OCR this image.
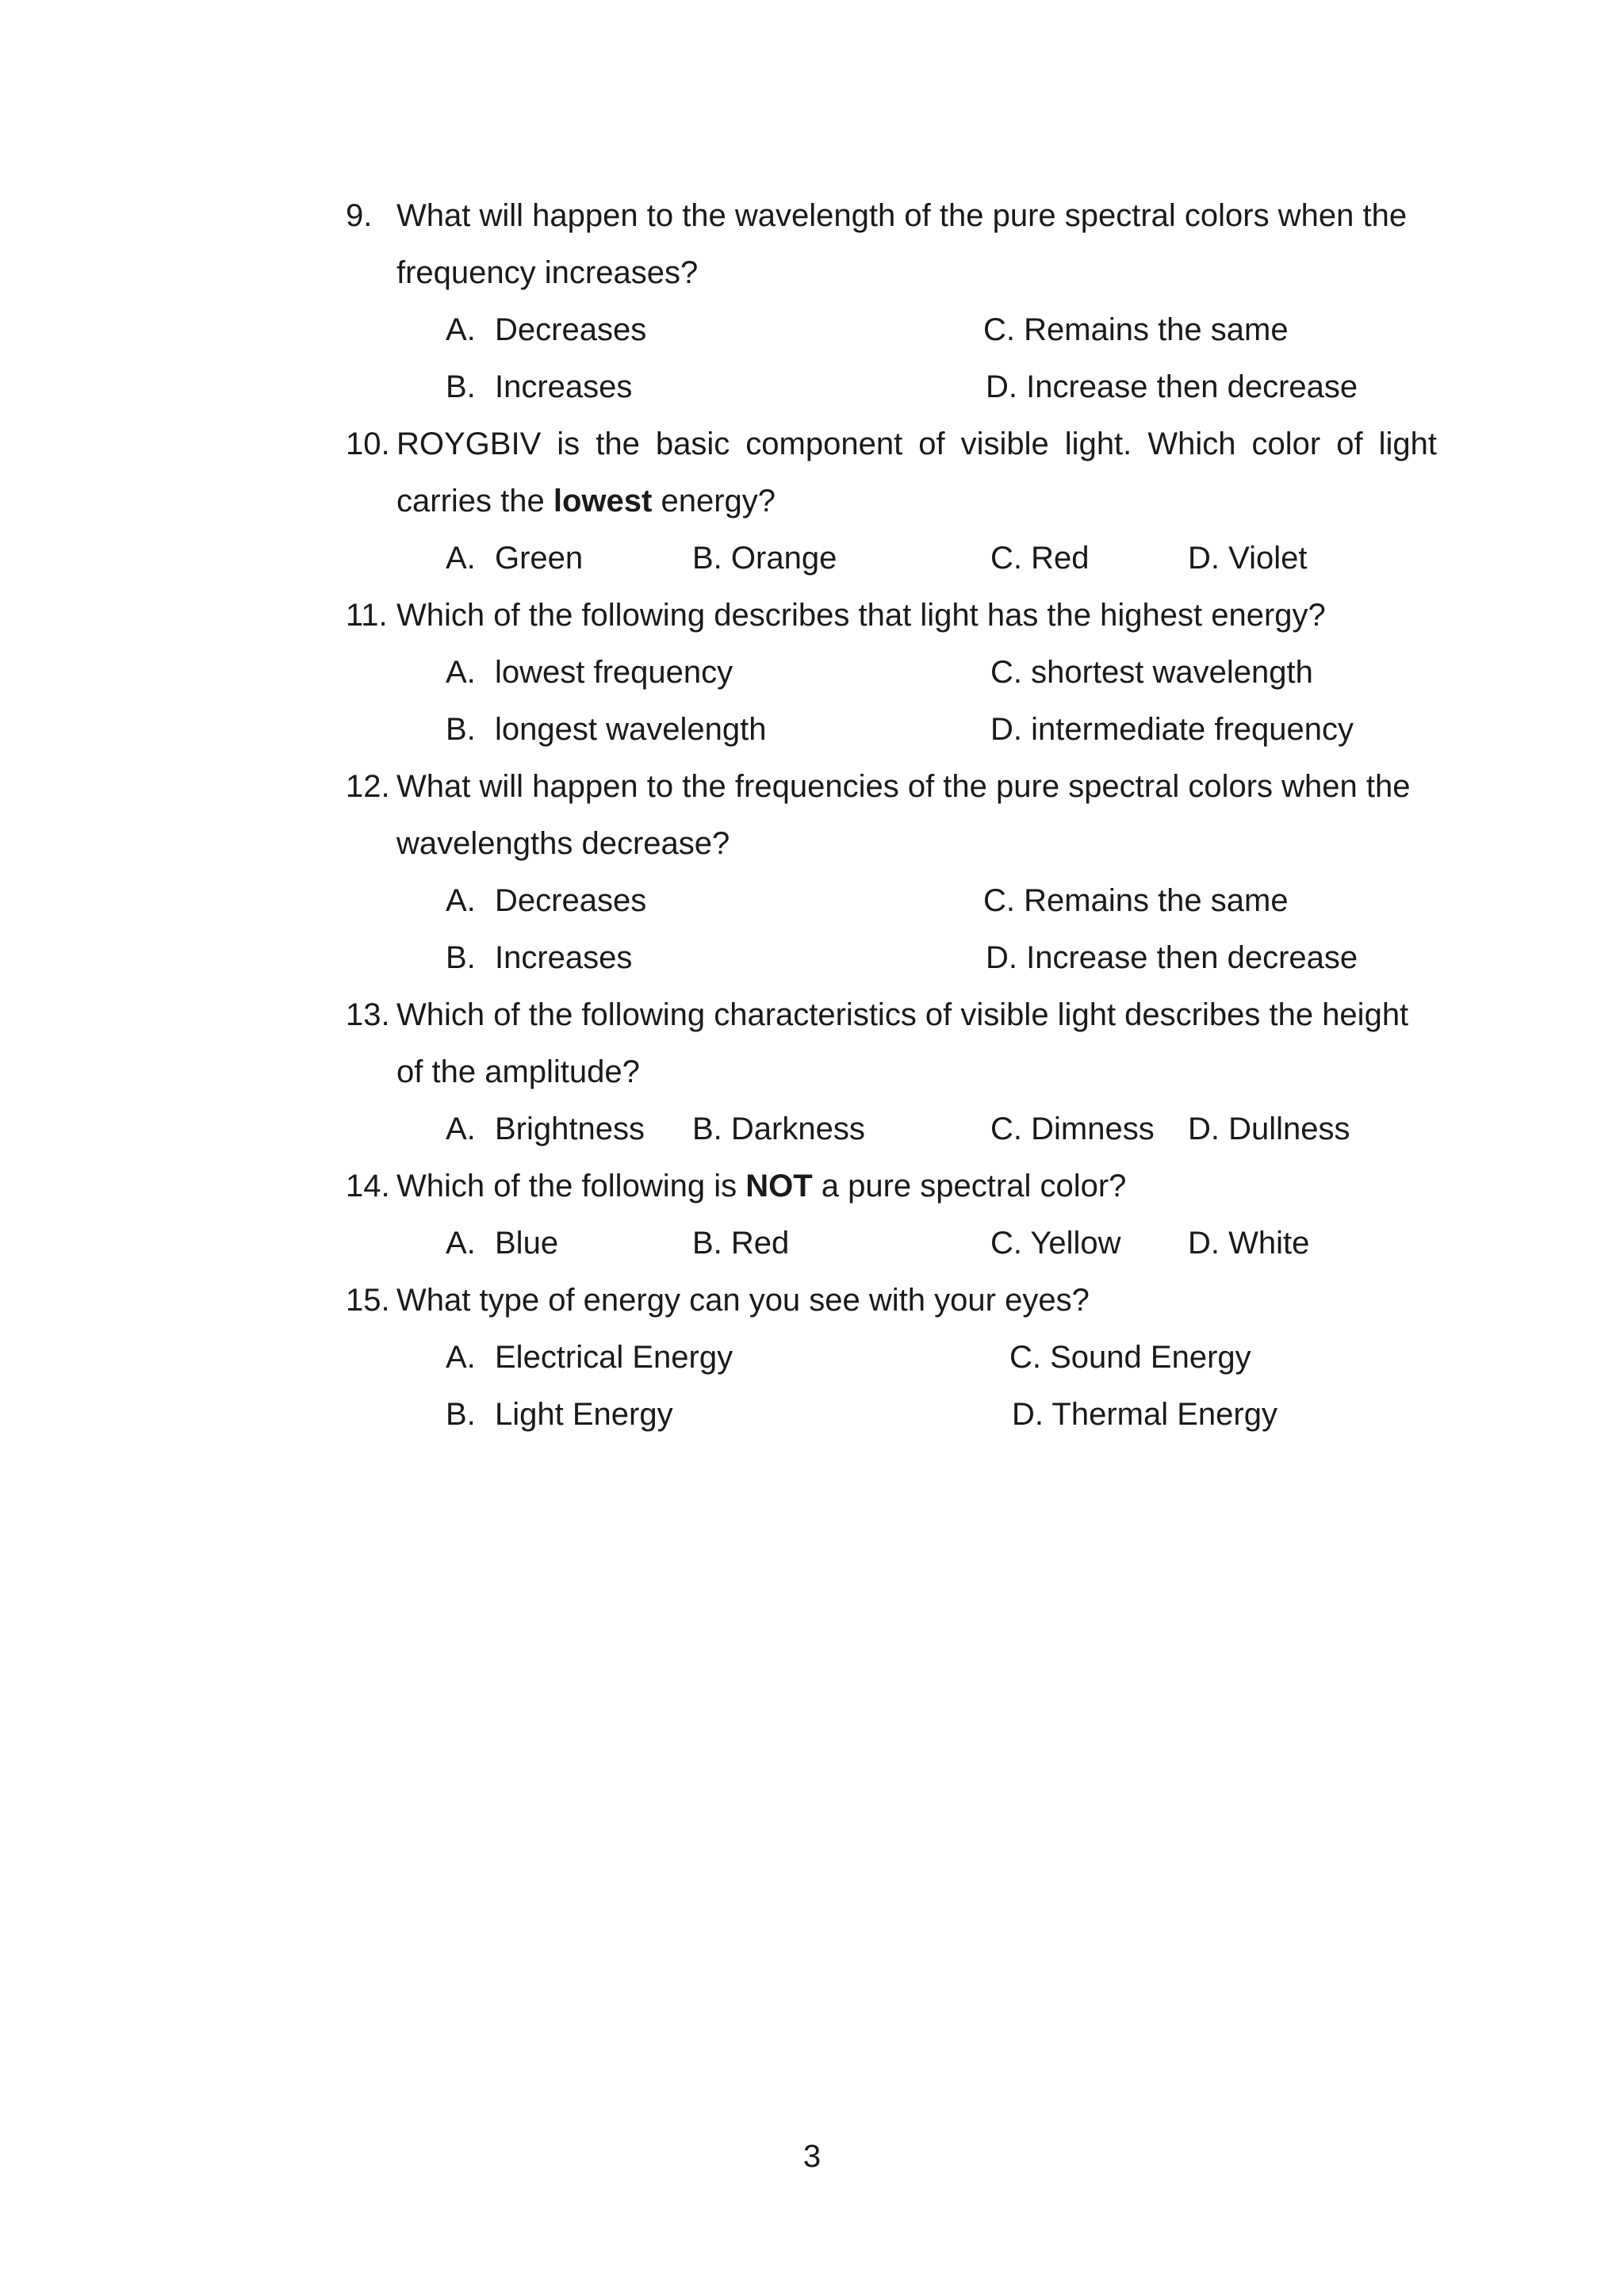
9. What will happen to the wavelength of the pure spectral colors when the
frequency increases?
A. Decreases	C. Remains the same
B. Increases	D. Increase then decrease
10. ROYGBIV is the basic component of visible light. Which color of light
carries the lowest energy?
A. Green	B. Orange	C. Red	D. Violet
11. Which of the following describes that light has the highest energy?
A. lowest frequency	C. shortest wavelength
B. longest wavelength	D. intermediate frequency
12. What will happen to the frequencies of the pure spectral colors when the
wavelengths decrease?
A. Decreases	C. Remains the same
B. Increases	D. Increase then decrease
13. Which of the following characteristics of visible light describes the height
of the amplitude?
A. Brightness B. Darkness	C. Dimness D. Dullness
14. Which of the following is NOT a pure spectral color?
A. Blue	B. Red	C. Yellow D. White
15. What type of energy can you see with your eyes?
A. Electrical Energy	C. Sound Energy
B. Light Energy	D. Thermal Energy
3
